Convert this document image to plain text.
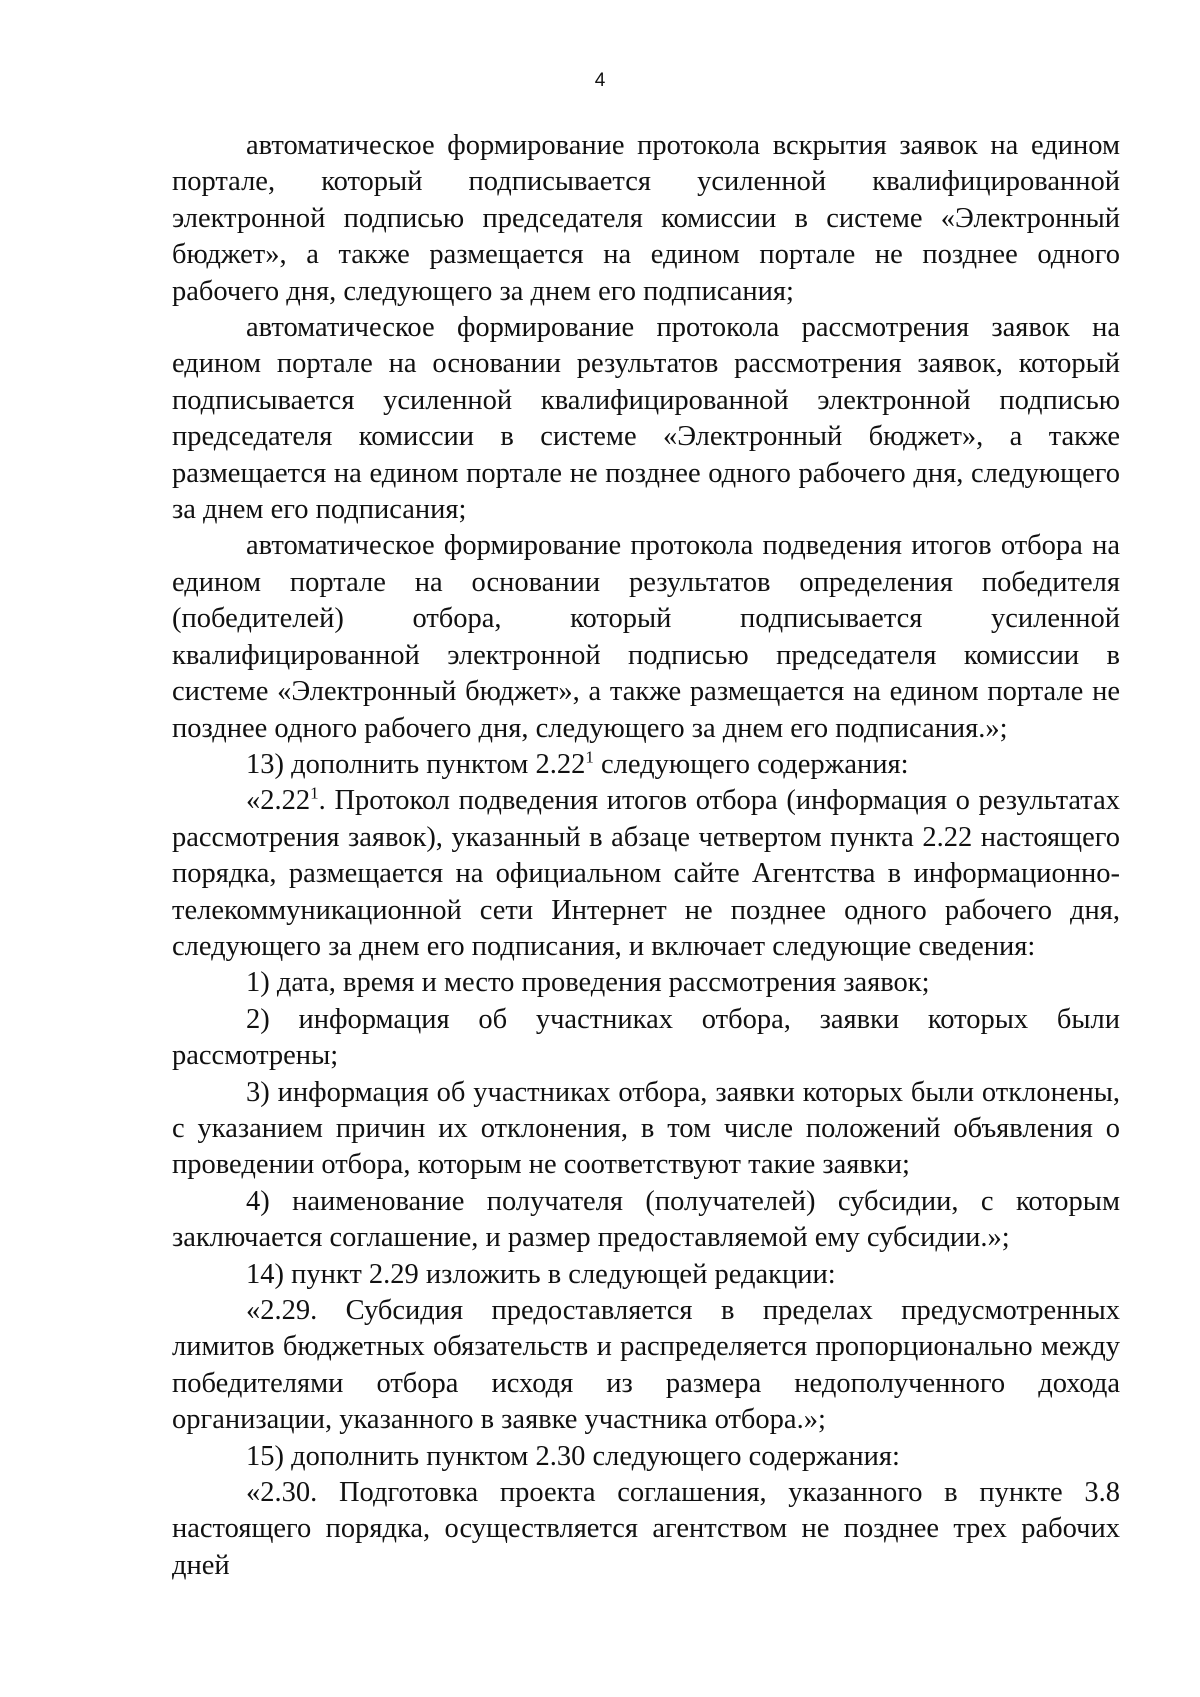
4

автоматическое формирование протокола вскрытия заявок на едином портале, который подписывается усиленной квалифицированной электронной подписью председателя комиссии в системе «Электронный бюджет», а также размещается на едином портале не позднее одного рабочего дня, следующего за днем его подписания;

автоматическое формирование протокола рассмотрения заявок на едином портале на основании результатов рассмотрения заявок, который подписывается усиленной квалифицированной электронной подписью председателя комиссии в системе «Электронный бюджет», а также размещается на едином портале не позднее одного рабочего дня, следующего за днем его подписания;

автоматическое формирование протокола подведения итогов отбора на едином портале на основании результатов определения победителя (победителей) отбора, который подписывается усиленной квалифицированной электронной подписью председателя комиссии в системе «Электронный бюджет», а также размещается на едином портале не позднее одного рабочего дня, следующего за днем его подписания.»;

13) дополнить пунктом 2.22$^1$ следующего содержания:

«2.22$^1$. Протокол подведения итогов отбора (информация о результатах рассмотрения заявок), указанный в абзаце четвертом пункта 2.22 настоящего порядка, размещается на официальном сайте Агентства в информационно-телекоммуникационной сети Интернет не позднее одного рабочего дня, следующего за днем его подписания, и включает следующие сведения:

1) дата, время и место проведения рассмотрения заявок;

2) информация об участниках отбора, заявки которых были рассмотрены;

3) информация об участниках отбора, заявки которых были отклонены, с указанием причин их отклонения, в том числе положений объявления о проведении отбора, которым не соответствуют такие заявки;

4) наименование получателя (получателей) субсидии, с которым заключается соглашение, и размер предоставляемой ему субсидии.»;

14) пункт 2.29 изложить в следующей редакции:

«2.29. Субсидия предоставляется в пределах предусмотренных лимитов бюджетных обязательств и распределяется пропорционально между победителями отбора исходя из размера недополученного дохода организации, указанного в заявке участника отбора.»;

15) дополнить пунктом 2.30 следующего содержания:

«2.30. Подготовка проекта соглашения, указанного в пункте 3.8 настоящего порядка, осуществляется агентством не позднее трех рабочих дней
